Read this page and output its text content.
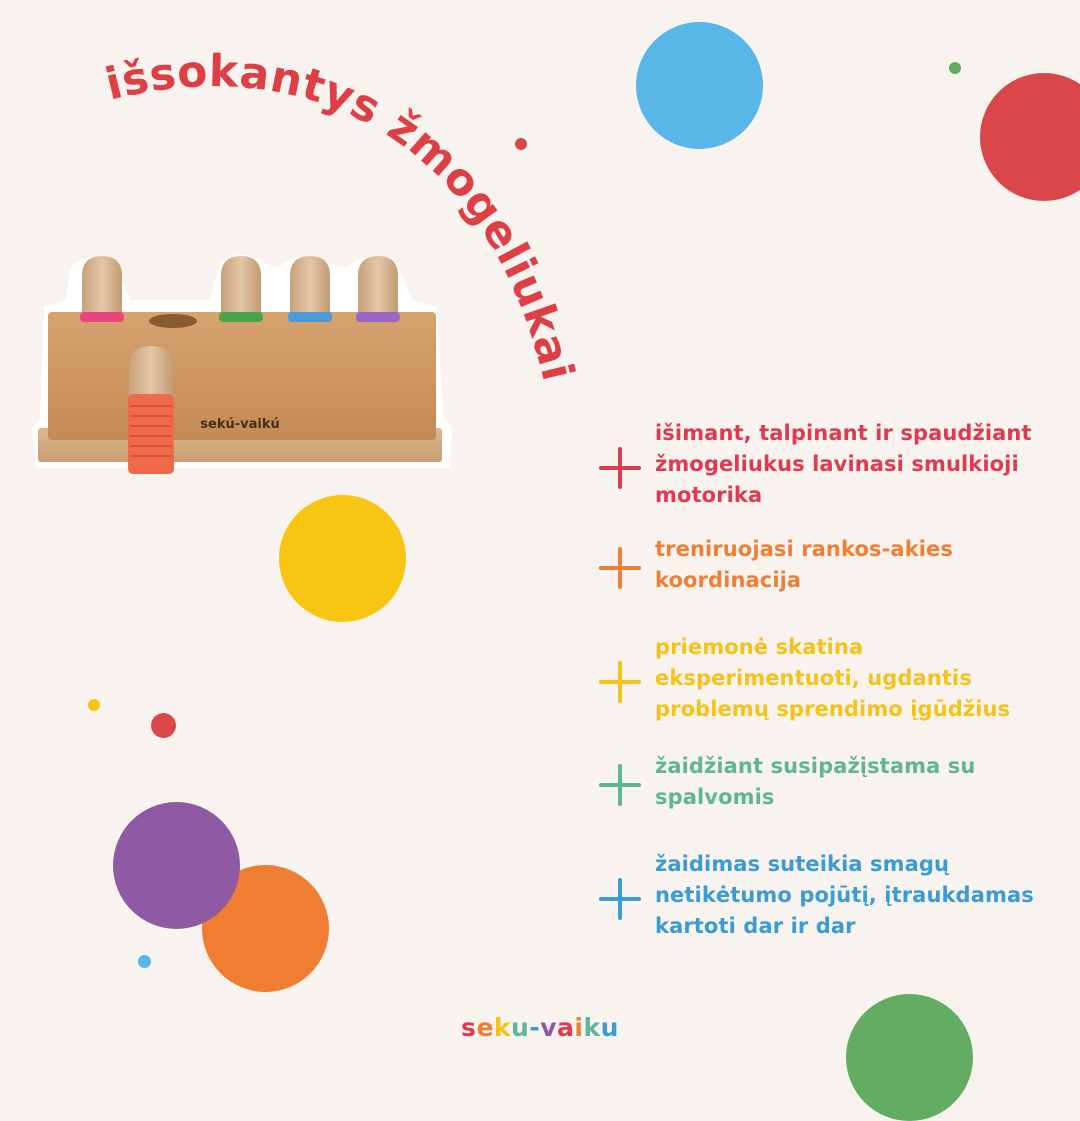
išsokantys žmogeliukai
sekú-vaikú	išimant, talpinant ir spaudžiant žmogeliukus lavinasi smulkioji motorika
treniruojasi rankos-akies koordinacija
priemonė skatina eksperimentuoti, ugdantis problemų sprendimo įgūdžius
žaidžiant susipažįstama su spalvomis
žaidimas suteikia smagų netikėtumo pojūtį, įtraukdamas kartoti dar ir dar
seku-vaiku
